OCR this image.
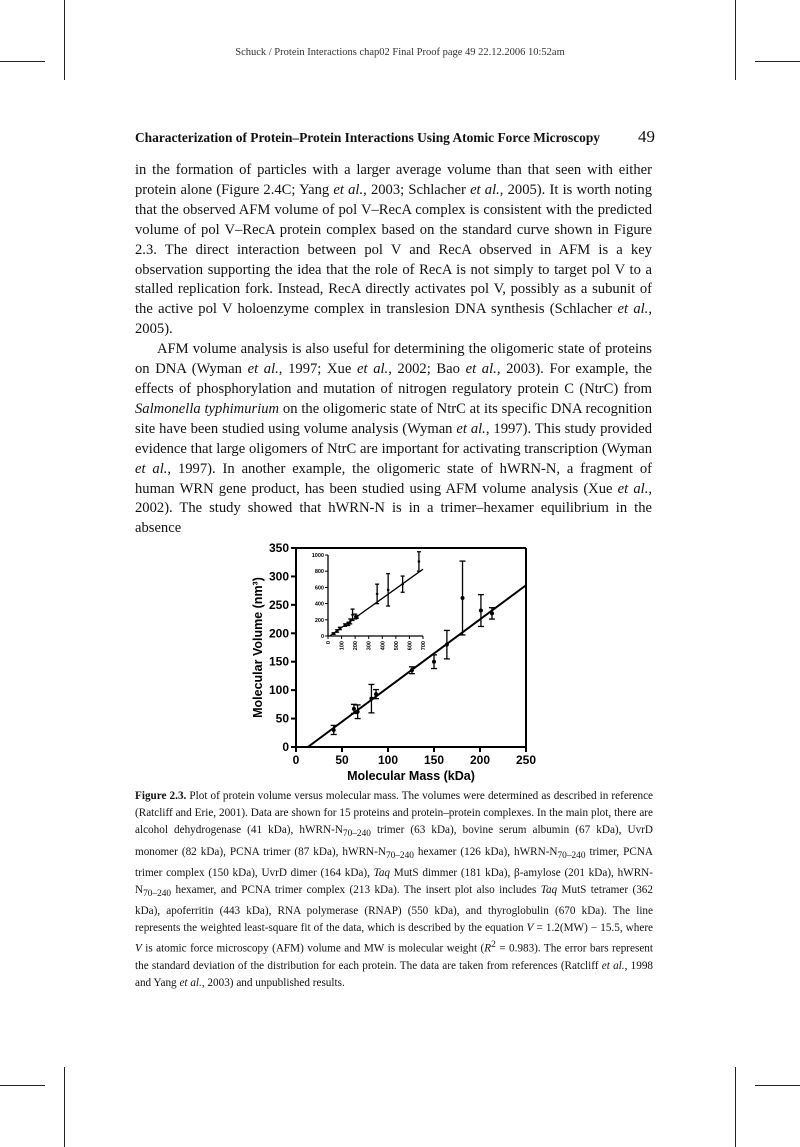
Schuck / Protein Interactions chap02 Final Proof page 49 22.12.2006 10:52am
Characterization of Protein–Protein Interactions Using Atomic Force Microscopy	49

in the formation of particles with a larger average volume than that seen with either protein alone (Figure 2.4C; Yang et al., 2003; Schlacher et al., 2005). It is worth noting that the observed AFM volume of pol V–RecA complex is consistent with the predicted volume of pol V–RecA protein complex based on the standard curve shown in Figure 2.3. The direct interaction between pol V and RecA observed in AFM is a key observation supporting the idea that the role of RecA is not simply to target pol V to a stalled replication fork. Instead, RecA directly activates pol V, possibly as a subunit of the active pol V holoenzyme complex in translesion DNA synthesis (Schlacher et al., 2005).

AFM volume analysis is also useful for determining the oligomeric state of proteins on DNA (Wyman et al., 1997; Xue et al., 2002; Bao et al., 2003). For example, the effects of phosphorylation and mutation of nitrogen regulatory protein C (NtrC) from Salmonella typhimurium on the oligomeric state of NtrC at its specific DNA recognition site have been studied using volume analysis (Wyman et al., 1997). This study provided evidence that large oligomers of NtrC are important for activating transcription (Wyman et al., 1997). In another example, the oligomeric state of hWRN-N, a fragment of human WRN gene product, has been studied using AFM volume analysis (Xue et al., 2002). The study showed that hWRN-N is in a trimer–hexamer equilibrium in the absence

0	50 100 150 200 250
0
50
100
150
200
250
300
350
Molecular Mass (kDa)
Molecular Volume (nm³)	0
200
400
600
800
1000
0 100 200 300 400 500 600 700
Figure 2.3. Plot of protein volume versus molecular mass. The volumes were determined as described in reference (Ratcliff and Erie, 2001). Data are shown for 15 proteins and protein–protein complexes. In the main plot, there are alcohol dehydrogenase (41 kDa), hWRN-$N_{70-240}$ trimer (63 kDa), bovine serum albumin (67 kDa), UvrD monomer (82 kDa), PCNA trimer (87 kDa), hWRN-$N_{70-240}$ hexamer (126 kDa), hWRN-$N_{70-240}$ trimer, PCNA trimer complex (150 kDa), UvrD dimer (164 kDa), Taq MutS dimmer (181 kDa), β-amylose (201 kDa), hWRN-$N_{70-240}$ hexamer, and PCNA trimer complex (213 kDa). The insert plot also includes Taq MutS tetramer (362 kDa), apoferritin (443 kDa), RNA polymerase (RNAP) (550 kDa), and thyroglobulin (670 kDa). The line represents the weighted least-square fit of the data, which is described by the equation V = 1.2(MW) − 15.5, where V is atomic force microscopy (AFM) volume and MW is molecular weight $(R^2 = 0.983)$. The error bars represent the standard deviation of the distribution for each protein. The data are taken from references (Ratcliff et al., 1998 and Yang et al., 2003) and unpublished results.
